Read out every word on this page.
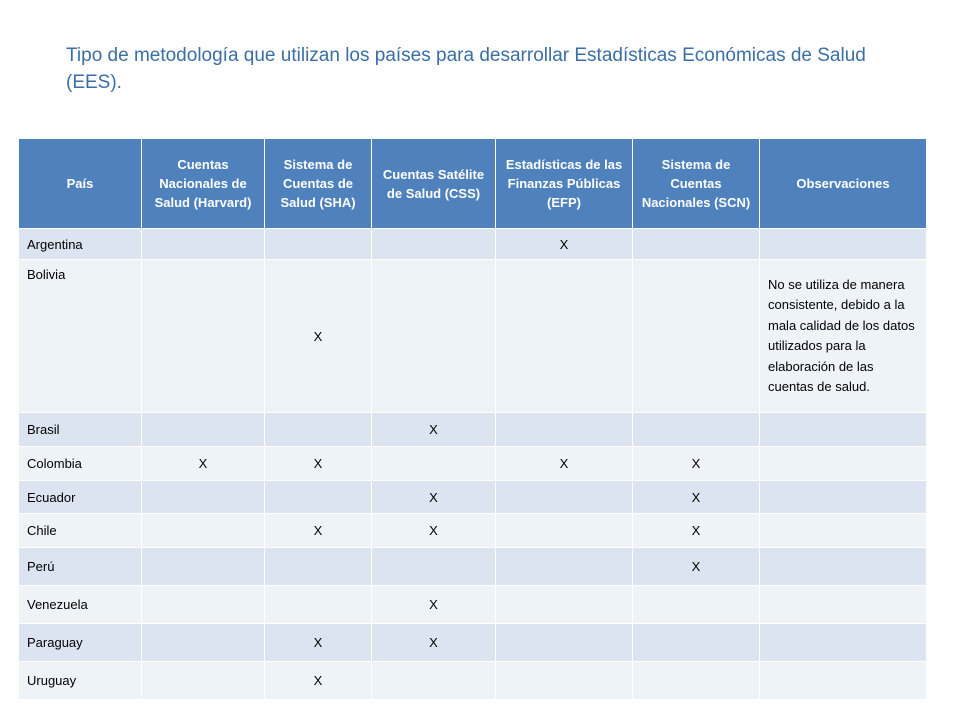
Tipo de metodología que utilizan los países para desarrollar Estadísticas Económicas de Salud (EES).
País	Cuentas Nacionales de Salud (Harvard)	Sistema de Cuentas de Salud (SHA)	Cuentas Satélite de Salud (CSS)	Estadísticas de las Finanzas Públicas (EFP)	Sistema de Cuentas Nacionales (SCN)	Observaciones
Argentina				X		
Bolivia		X				No se utiliza de manera consistente, debido a la mala calidad de los datos utilizados para la elaboración de las cuentas de salud.
Brasil			X			
Colombia	X	X		X	X	
Ecuador			X		X	
Chile		X	X		X	
Perú					X	
Venezuela			X			
Paraguay		X	X			
Uruguay		X				
